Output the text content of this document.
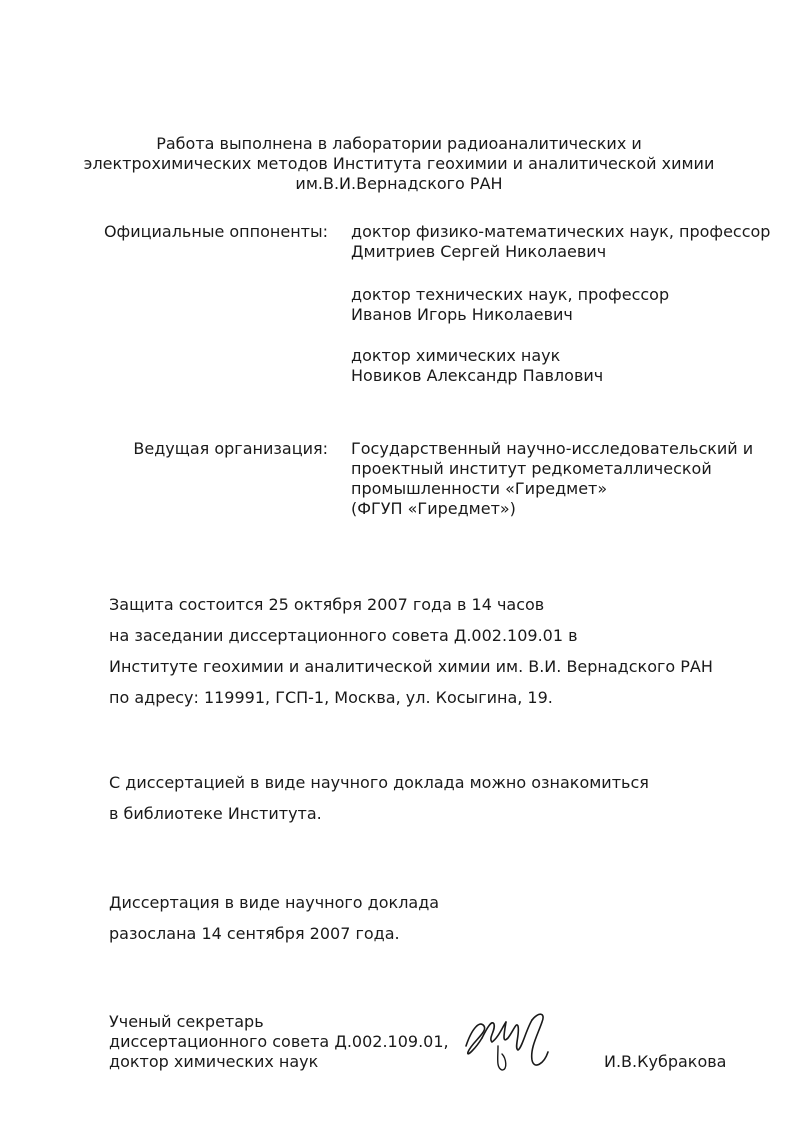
Работа выполнена в лаборатории радиоаналитических и
электрохимических методов Института геохимии и аналитической химии
им.В.И.Вернадского РАН
Официальные оппоненты: доктор физико-математических наук, профессор
Дмитриев Сергей Николаевич
доктор технических наук, профессор
Иванов Игорь Николаевич
доктор химических наук
Новиков Александр Павлович
Ведущая организация: Государственный научно-исследовательский и
проектный институт редкометаллической
промышленности «Гиредмет»
(ФГУП «Гиредмет»)
Защита состоится 25 октября 2007 года в 14 часов
на заседании диссертационного совета Д.002.109.01 в
Институте геохимии и аналитической химии им. В.И. Вернадского РАН
по адресу: 119991, ГСП-1, Москва, ул. Косыгина, 19.
С диссертацией в виде научного доклада можно ознакомиться
в библиотеке Института.
Диссертация в виде научного доклада
разослана 14 сентября 2007 года.
Ученый секретарь
диссертационного совета Д.002.109.01,
доктор химических наук	И.В.Кубракова
